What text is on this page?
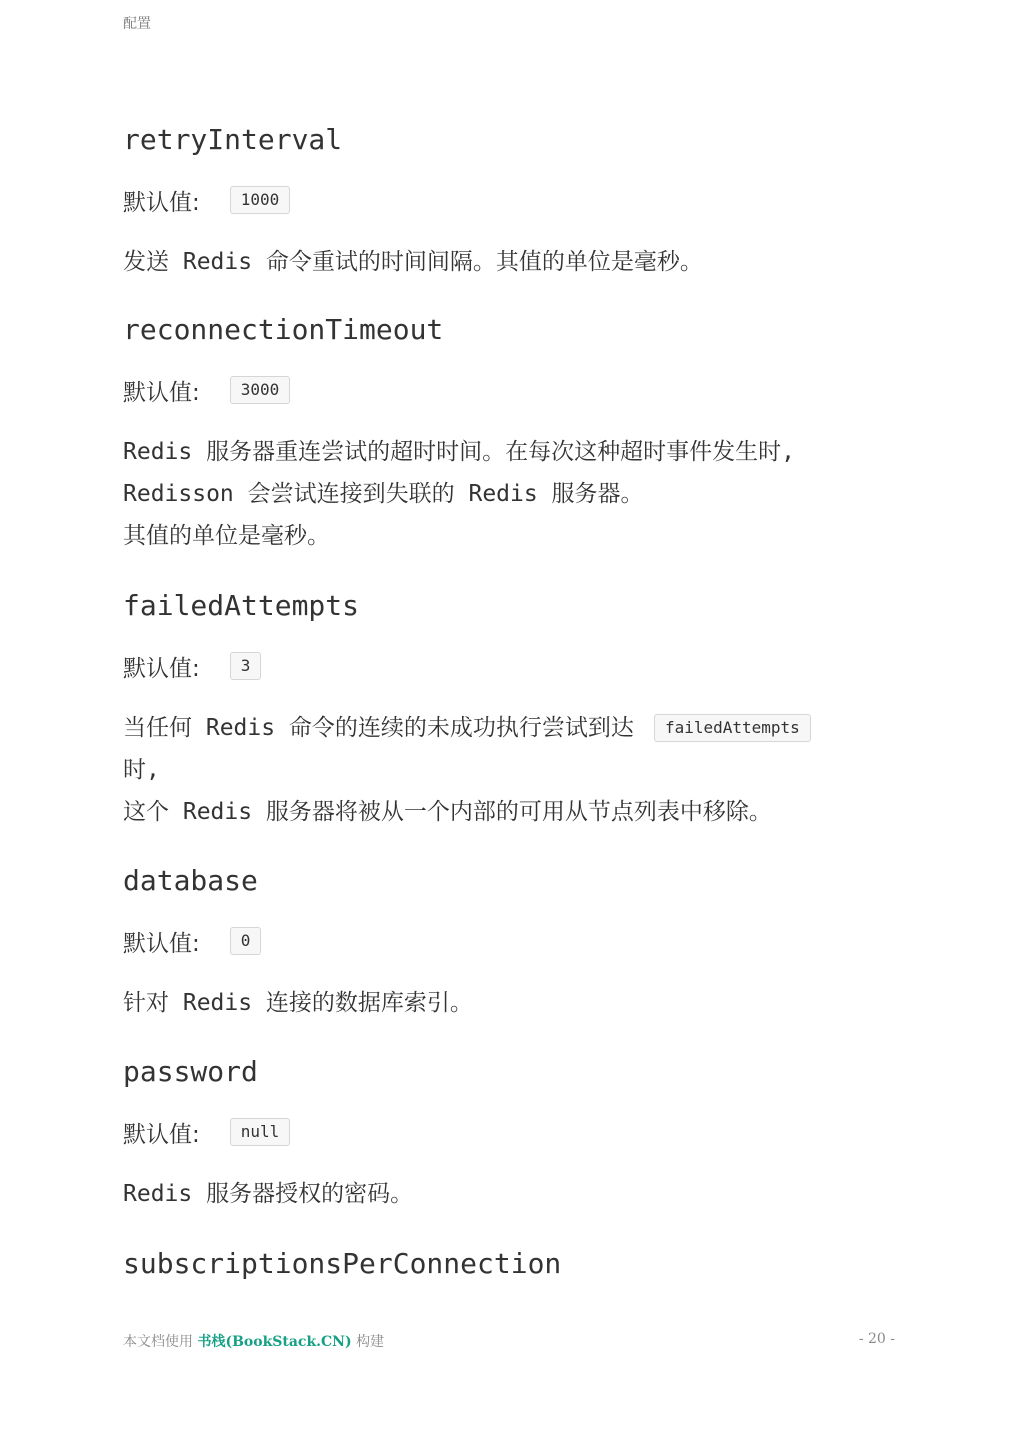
配置
retryInterval
默认值:	1000
发送 Redis 命令重试的时间间隔。其值的单位是毫秒。
reconnectionTimeout
默认值:	3000
Redis 服务器重连尝试的超时时间。在每次这种超时事件发生时,
Redisson 会尝试连接到失联的 Redis 服务器。
其值的单位是毫秒。
failedAttempts
默认值:	3
当任何 Redis 命令的连续的未成功执行尝试到达 failedAttempts
时,
这个 Redis 服务器将被从一个内部的可用从节点列表中移除。
database
默认值:	0
针对 Redis 连接的数据库索引。
password
默认值:	null
Redis 服务器授权的密码。
subscriptionsPerConnection
本文档使用 书栈(BookStack.CN) 构建	- 20 -
